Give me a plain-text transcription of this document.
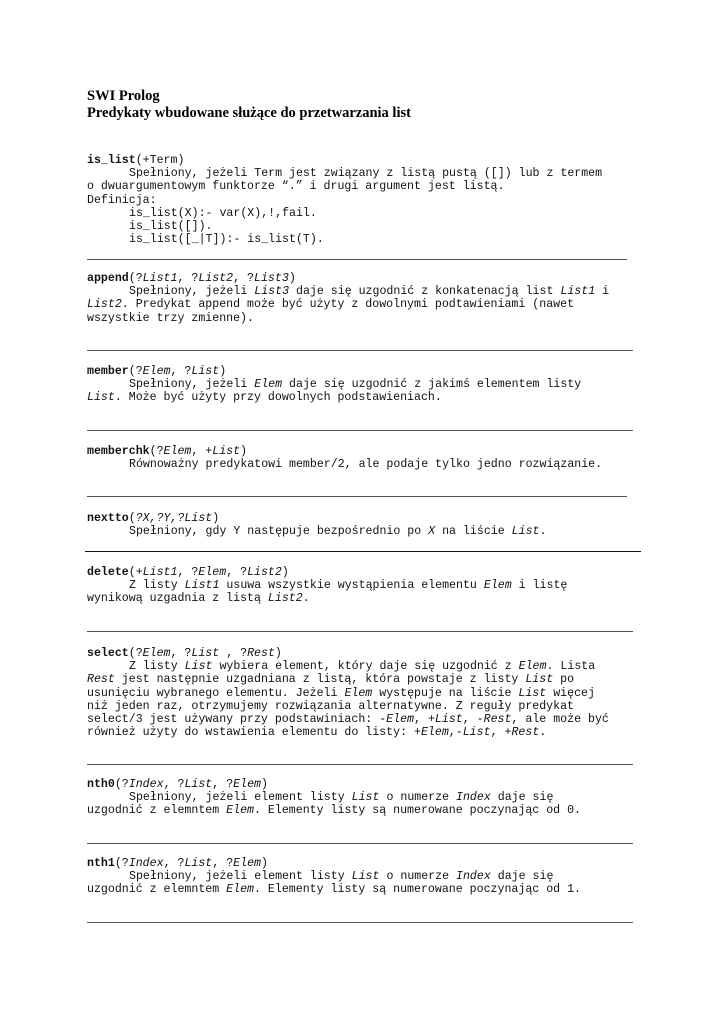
SWI Prolog
Predykaty wbudowane służące do przetwarzania list
is_list(+Term)
Spełniony, jeżeli Term jest związany z listą pustą ([]) lub z termem
o dwuargumentowym funktorze “.” i drugi argument jest listą.
Definicja:
is_list(X):- var(X),!,fail.
is_list([]).
is_list([_|T]):- is_list(T).
append(?List1, ?List2, ?List3)
Spełniony, jeżeli List3 daje się uzgodnić z konkatenacją list List1 i
List2. Predykat append może być użyty z dowolnymi podtawieniami (nawet
wszystkie trzy zmienne).
member(?Elem, ?List)
Spełniony, jeżeli Elem daje się uzgodnić z jakimś elementem listy
List. Może być użyty przy dowolnych podstawieniach.
memberchk(?Elem, +List)
Równoważny predykatowi member/2, ale podaje tylko jedno rozwiązanie.
nextto(?X,?Y,?List)
Spełniony, gdy Y następuje bezpośrednio po X na liście List.
delete(+List1, ?Elem, ?List2)
Z listy List1 usuwa wszystkie wystąpienia elementu Elem i listę
wynikową uzgadnia z listą List2.
select(?Elem, ?List , ?Rest)
Z listy List wybiera element, który daje się uzgodnić z Elem. Lista
Rest jest następnie uzgadniana z listą, która powstaje z listy List po
usunięciu wybranego elementu. Jeżeli Elem występuje na liście List więcej
niż jeden raz, otrzymujemy rozwiązania alternatywne. Z reguły predykat
select/3 jest używany przy podstawiniach: -Elem, +List, -Rest, ale może być
również użyty do wstawienia elementu do listy: +Elem,-List, +Rest.
nth0(?Index, ?List, ?Elem)
Spełniony, jeżeli element listy List o numerze Index daje się
uzgodnić z elemntem Elem. Elementy listy są numerowane poczynając od 0.
nth1(?Index, ?List, ?Elem)
Spełniony, jeżeli element listy List o numerze Index daje się
uzgodnić z elemntem Elem. Elementy listy są numerowane poczynając od 1.
